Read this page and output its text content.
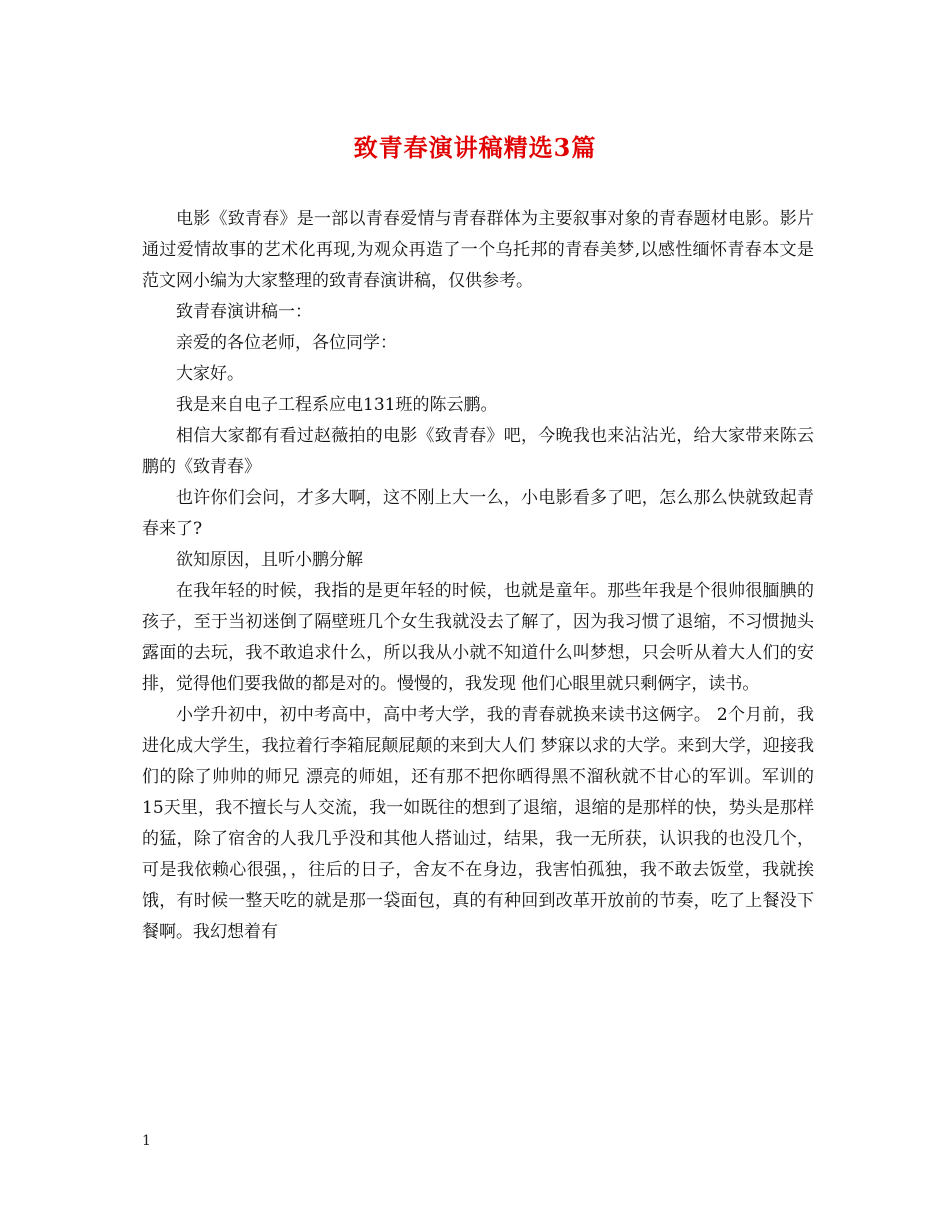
致青春演讲稿精选3篇

电影《致青春》是一部以青春爱情与青春群体为主要叙事对象的青春题材电影。影片通过爱情故事的艺术化再现,为观众再造了一个乌托邦的青春美梦,以感性缅怀青春本文是范文网小编为大家整理的致青春演讲稿，仅供参考。

致青春演讲稿一：

亲爱的各位老师，各位同学：

大家好。

我是来自电子工程系应电131班的陈云鹏。

相信大家都有看过赵薇拍的电影《致青春》吧，今晚我也来沾沾光，给大家带来陈云鹏的《致青春》

也许你们会问，才多大啊，这不刚上大一么，小电影看多了吧，怎么那么快就致起青春来了?

欲知原因，且听小鹏分解

在我年轻的时候，我指的是更年轻的时候，也就是童年。那些年我是个很帅很腼腆的孩子，至于当初迷倒了隔壁班几个女生我就没去了解了，因为我习惯了退缩，不习惯抛头露面的去玩，我不敢追求什么，所以我从小就不知道什么叫梦想，只会听从着大人们的安排，觉得他们要我做的都是对的。慢慢的，我发现 他们心眼里就只剩俩字，读书。

小学升初中，初中考高中，高中考大学，我的青春就换来读书这俩字。 2个月前，我进化成大学生，我拉着行李箱屁颠屁颠的来到大人们 梦寐以求的大学。来到大学，迎接我们的除了帅帅的师兄 漂亮的师姐，还有那不把你晒得黑不溜秋就不甘心的军训。军训的15天里，我不擅长与人交流，我一如既往的想到了退缩，退缩的是那样的快，势头是那样的猛，除了宿舍的人我几乎没和其他人搭讪过，结果，我一无所获，认识我的也没几个，可是我依赖心很强，，往后的日子，舍友不在身边，我害怕孤独，我不敢去饭堂，我就挨饿，有时候一整天吃的就是那一袋面包，真的有种回到改革开放前的节奏，吃了上餐没下餐啊。我幻想着有

1
